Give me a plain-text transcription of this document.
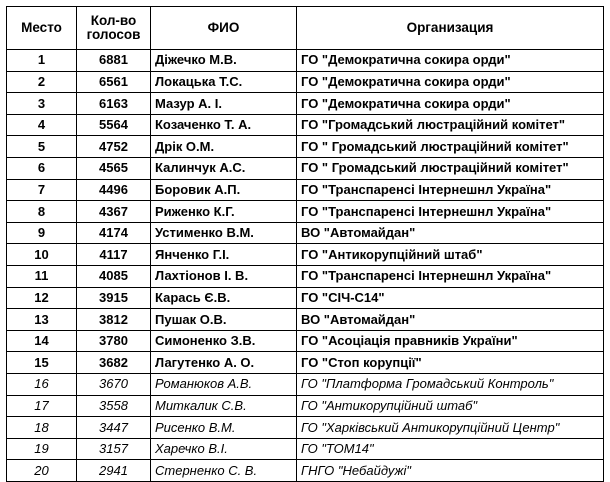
Место	Кол-во голосов	ФИО	Организация
1	6881	Діжечко М.В.	ГО "Демократична сокира орди"
2	6561	Локацька Т.С.	ГО "Демократична сокира орди"
3	6163	Мазур А. І.	ГО "Демократична сокира орди"
4	5564	Козаченко Т. А.	ГО "Громадський люстраційний комітет"
5	4752	Дрік О.М.	ГО " Громадський люстраційний комітет"
6	4565	Калинчук А.С.	ГО " Громадський люстраційний комітет"
7	4496	Боровик А.П.	ГО "Транспаренсі Інтернешнл Україна"
8	4367	Риженко К.Г.	ГО "Транспаренсі Інтернешнл Україна"
9	4174	Устименко В.М.	ВО "Автомайдан"
10	4117	Янченко Г.І.	ГО "Антикорупційний штаб"
11	4085	Лахтіонов І. В.	ГО "Транспаренсі Інтернешнл Україна"
12	3915	Карась Є.В.	ГО "СІЧ-С14"
13	3812	Пушак О.В.	ВО "Автомайдан"
14	3780	Симоненко З.В.	ГО "Асоціація правників України"
15	3682	Лагутенко А. О.	ГО "Стоп корупції"
16	3670	Романюков А.В.	ГО "Платформа Громадський Контроль"
17	3558	Миткалик С.В.	ГО "Антикорупційний штаб"
18	3447	Рисенко В.М.	ГО "Харківський Антикорупційний Центр"
19	3157	Харечко В.І.	ГО "ТОМ14"
20	2941	Стерненко С. В.	ГНГО "Небайдужі"
